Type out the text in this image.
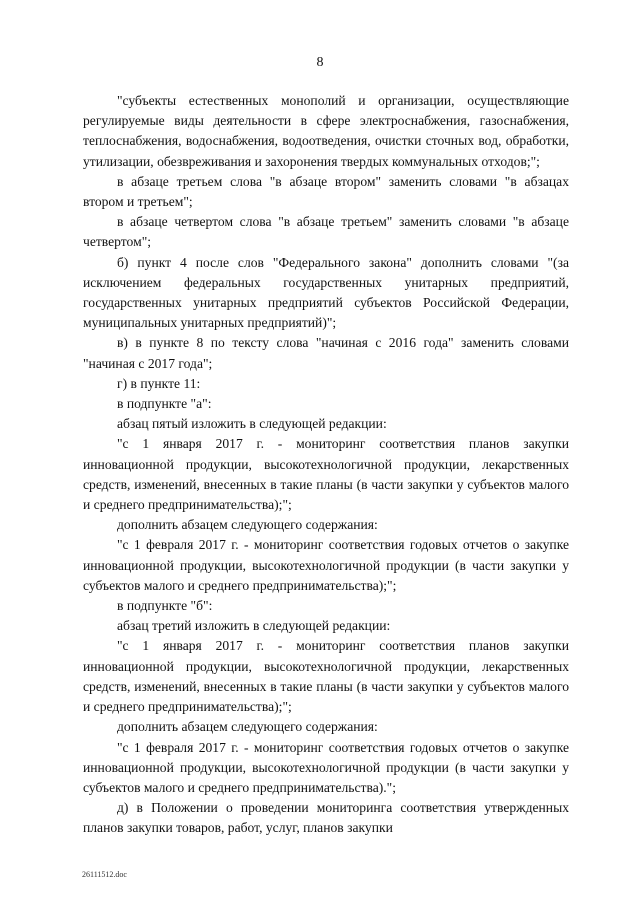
8

"субъекты естественных монополий и организации, осуществляющие регулируемые виды деятельности в сфере электроснабжения, газоснабжения, теплоснабжения, водоснабжения, водоотведения, очистки сточных вод, обработки, утилизации, обезвреживания и захоронения твердых коммунальных отходов;";

в абзаце третьем слова "в абзаце втором" заменить словами "в абзацах втором и третьем";

в абзаце четвертом слова "в абзаце третьем" заменить словами "в абзаце четвертом";

б) пункт 4 после слов "Федерального закона" дополнить словами "(за исключением федеральных государственных унитарных предприятий, государственных унитарных предприятий субъектов Российской Федерации, муниципальных унитарных предприятий)";

в) в пункте 8 по тексту слова "начиная с 2016 года" заменить словами "начиная с 2017 года";

г) в пункте 11:

в подпункте "а":

абзац пятый изложить в следующей редакции:

"с 1 января 2017 г. - мониторинг соответствия планов закупки инновационной продукции, высокотехнологичной продукции, лекарственных средств, изменений, внесенных в такие планы (в части закупки у субъектов малого и среднего предпринимательства);";

дополнить абзацем следующего содержания:

"с 1 февраля 2017 г. - мониторинг соответствия годовых отчетов о закупке инновационной продукции, высокотехнологичной продукции (в части закупки у субъектов малого и среднего предпринимательства);";

в подпункте "б":

абзац третий изложить в следующей редакции:

"с 1 января 2017 г. - мониторинг соответствия планов закупки инновационной продукции, высокотехнологичной продукции, лекарственных средств, изменений, внесенных в такие планы (в части закупки у субъектов малого и среднего предпринимательства);";

дополнить абзацем следующего содержания:

"с 1 февраля 2017 г. - мониторинг соответствия годовых отчетов о закупке инновационной продукции, высокотехнологичной продукции (в части закупки у субъектов малого и среднего предпринимательства).";

д) в Положении о проведении мониторинга соответствия утвержденных планов закупки товаров, работ, услуг, планов закупки

26111512.doc
